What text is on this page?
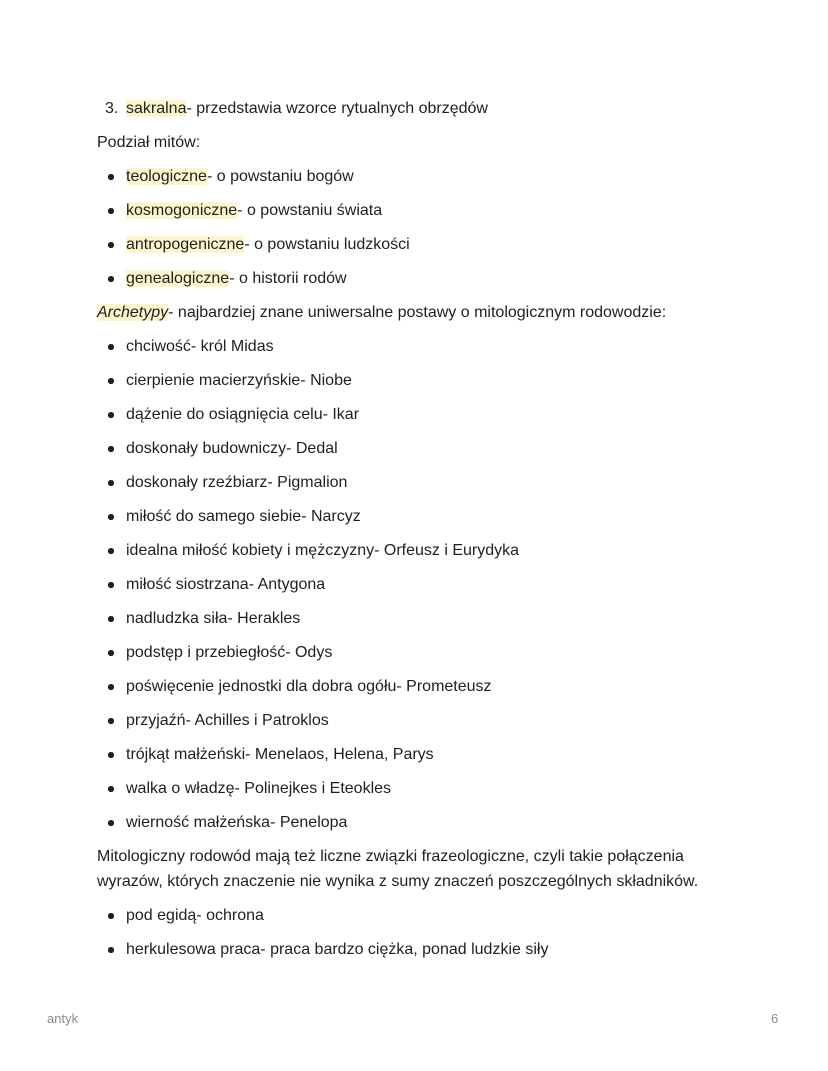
3. sakralna- przedstawia wzorce rytualnych obrzędów
Podział mitów:
teologiczne- o powstaniu bogów
kosmogoniczne- o powstaniu świata
antropogeniczne- o powstaniu ludzkości
genealogiczne- o historii rodów
Archetypy- najbardziej znane uniwersalne postawy o mitologicznym rodowodzie:
chciwość- król Midas
cierpienie macierzyńskie- Niobe
dążenie do osiągnięcia celu- Ikar
doskonały budowniczy- Dedal
doskonały rzeźbiarz- Pigmalion
miłość do samego siebie- Narcyz
idealna miłość kobiety i mężczyzny- Orfeusz i Eurydyka
miłość siostrzana- Antygona
nadludzka siła- Herakles
podstęp i przebiegłość- Odys
poświęcenie jednostki dla dobra ogółu- Prometeusz
przyjaźń- Achilles i Patroklos
trójkąt małżeński- Menelaos, Helena, Parys
walka o władzę- Polinejkes i Eteokles
wierność małżeńska- Penelopa
Mitologiczny rodowód mają też liczne związki frazeologiczne, czyli takie połączenia
wyrazów, których znaczenie nie wynika z sumy znaczeń poszczególnych składników.
pod egidą- ochrona
herkulesowa praca- praca bardzo ciężka, ponad ludzkie siły
antyk	6
